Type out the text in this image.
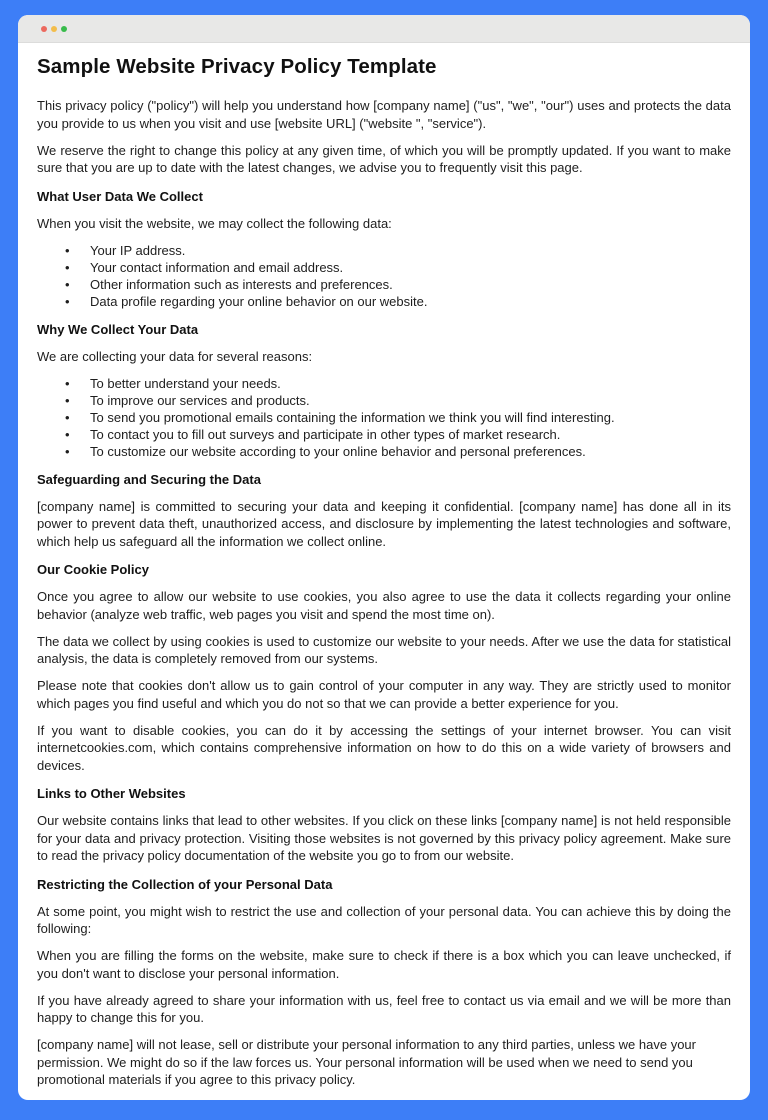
Sample Website Privacy Policy Template

This privacy policy ("policy") will help you understand how [company name] ("us", "we", "our") uses and protects the data you provide to us when you visit and use [website URL] ("website ", "service").

We reserve the right to change this policy at any given time, of which you will be promptly updated. If you want to make sure that you are up to date with the latest changes, we advise you to frequently visit this page.

What User Data We Collect

When you visit the website, we may collect the following data:

• Your IP address.
• Your contact information and email address.
• Other information such as interests and preferences.
• Data profile regarding your online behavior on our website.
Why We Collect Your Data

We are collecting your data for several reasons:

• To better understand your needs.
• To improve our services and products.
• To send you promotional emails containing the information we think you will find interesting.
• To contact you to fill out surveys and participate in other types of market research.
• To customize our website according to your online behavior and personal preferences.
Safeguarding and Securing the Data

[company name] is committed to securing your data and keeping it confidential. [company name] has done all in its power to prevent data theft, unauthorized access, and disclosure by implementing the latest technologies and software, which help us safeguard all the information we collect online.

Our Cookie Policy

Once you agree to allow our website to use cookies, you also agree to use the data it collects regarding your online behavior (analyze web traffic, web pages you visit and spend the most time on).

The data we collect by using cookies is used to customize our website to your needs. After we use the data for statistical analysis, the data is completely removed from our systems.

Please note that cookies don't allow us to gain control of your computer in any way. They are strictly used to monitor which pages you find useful and which you do not so that we can provide a better experience for you.

If you want to disable cookies, you can do it by accessing the settings of your internet browser. You can visit internetcookies.com, which contains comprehensive information on how to do this on a wide variety of browsers and devices.

Links to Other Websites

Our website contains links that lead to other websites. If you click on these links [company name] is not held responsible for your data and privacy protection. Visiting those websites is not governed by this privacy policy agreement. Make sure to read the privacy policy documentation of the website you go to from our website.

Restricting the Collection of your Personal Data

At some point, you might wish to restrict the use and collection of your personal data. You can achieve this by doing the following:

When you are filling the forms on the website, make sure to check if there is a box which you can leave unchecked, if you don't want to disclose your personal information.

If you have already agreed to share your information with us, feel free to contact us via email and we will be more than happy to change this for you.

[company name] will not lease, sell or distribute your personal information to any third parties, unless we have your permission. We might do so if the law forces us. Your personal information will be used when we need to send you promotional materials if you agree to this privacy policy.
